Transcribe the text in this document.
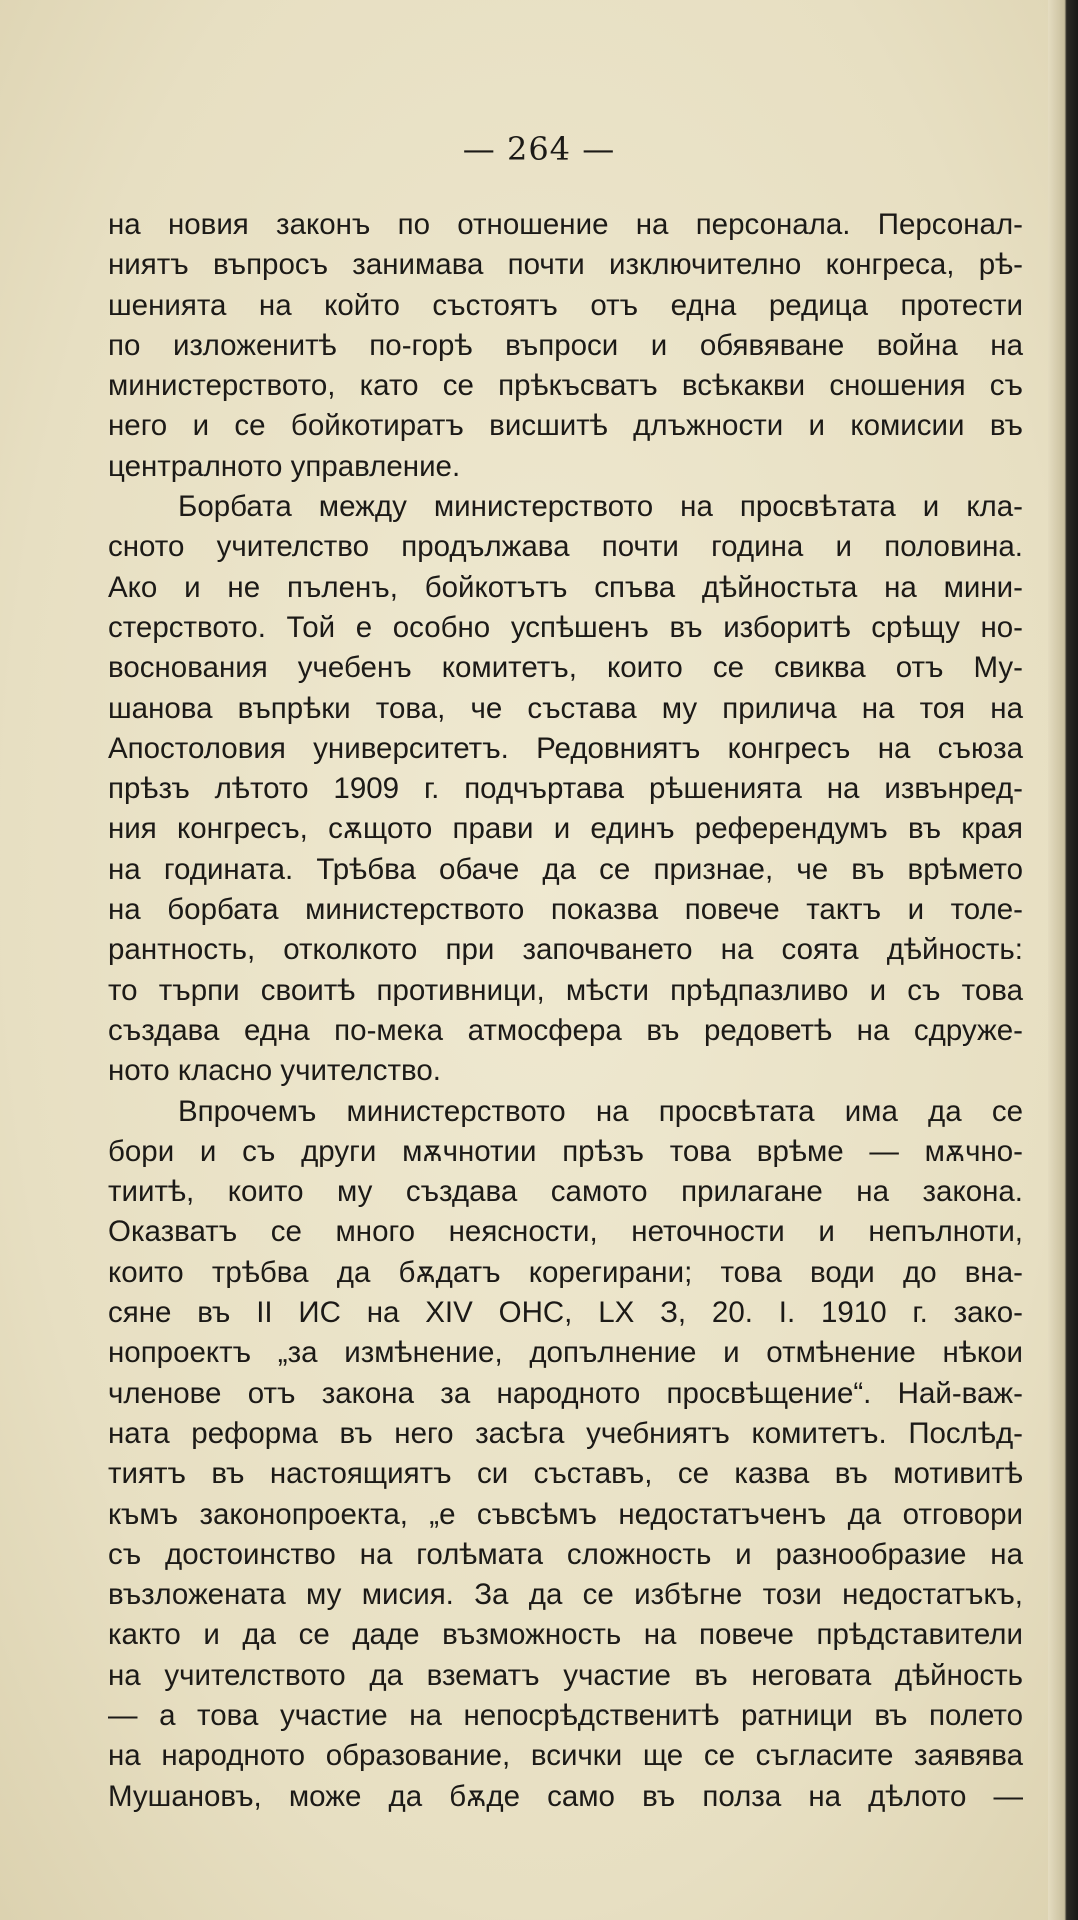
— 264 —
на новия законъ по отношение на персонала. Персонал-
ниятъ въпросъ занимава почти изключително конгреса, рѣ-
шенията на който състоятъ отъ една редица протести
по изложенитѣ по-горѣ въпроси и обявяване война на
министерството, като се прѣкъсватъ всѣкакви сношения съ
него и се бойкотиратъ висшитѣ длъжности и комисии въ
централното управление.
Борбата между министерството на просвѣтата и кла-
сното учителство продължава почти година и половина.
Ако и не пъленъ, бойкотътъ спъва дѣйностьта на мини-
стерството. Той е особно успѣшенъ въ изборитѣ срѣщу но-
воснования учебенъ комитетъ, които се свиква отъ Му-
шанова въпрѣки това, че състава му прилича на тоя на
Апостоловия университетъ. Редовниятъ конгресъ на съюза
прѣзъ лѣтото 1909 г. подчъртава рѣшенията на извънред-
ния конгресъ, сѫщото прави и единъ референдумъ въ края
на годината. Трѣбва обаче да се признае, че въ врѣмето
на борбата министерството показва повече тактъ и толе-
рантность, отколкото при започването на соята дѣйность:
то търпи своитѣ противници, мѣсти прѣдпазливо и съ това
създава една по-мека атмосфера въ редоветѣ на сдруже-
ното класно учителство.
Впрочемъ министерството на просвѣтата има да се
бори и съ други мѫчнотии прѣзъ това врѣме — мѫчно-
тиитѣ, които му създава самото прилагане на закона.
Оказватъ се много неясности, неточности и непълноти,
които трѣбва да бѫдатъ корегирани; това води до вна-
сяне въ II ИС на XIV ОНС, LX З, 20. I. 1910 г. зако-
нопроектъ „за измѣнение, допълнение и отмѣнение нѣкои
членове отъ закона за народното просвѣщение“. Най-важ-
ната реформа въ него засѣга учебниятъ комитетъ. Послѣд-
тиятъ въ настоящиятъ си съставъ, се казва въ мотивитѣ
къмъ законопроекта, „е съвсѣмъ недостатъченъ да отговори
съ достоинство на голѣмата сложность и разнообразие на
възложената му мисия. За да се избѣгне този недостатъкъ,
както и да се даде възможность на повече прѣдставители
на учителството да взематъ участие въ неговата дѣйность
— а това участие на непосрѣдственитѣ ратници въ полето
на народното образование, всички ще се съгласите заявява
Мушановъ, може да бѫде само въ полза на дѣлото —
